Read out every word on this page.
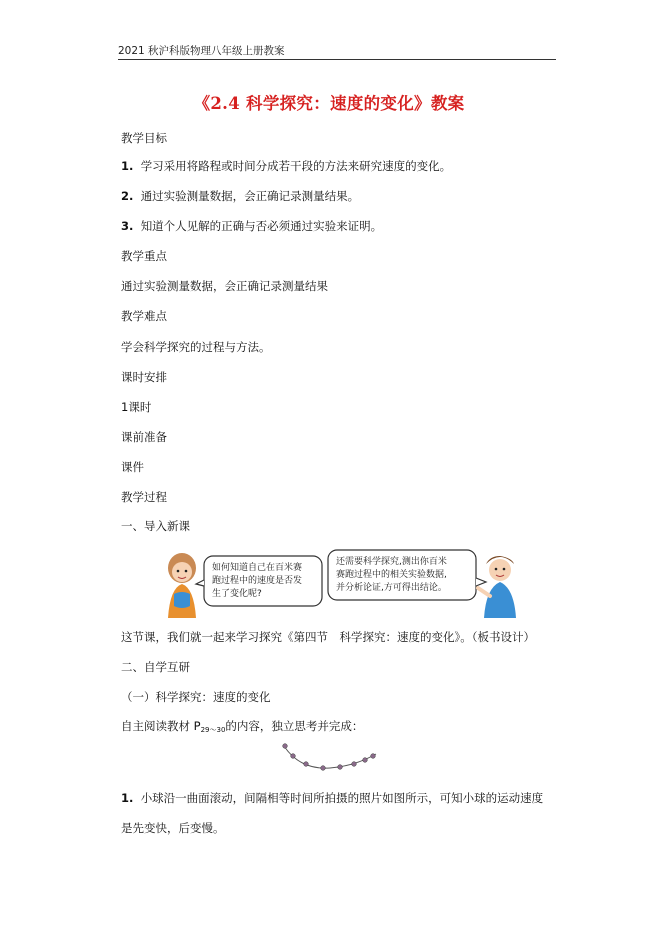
2021 秋沪科版物理八年级上册教案
《2.4 科学探究：速度的变化》教案
教学目标
1. 学习采用将路程或时间分成若干段的方法来研究速度的变化。
2. 通过实验测量数据，会正确记录测量结果。
3. 知道个人见解的正确与否必须通过实验来证明。
教学重点
通过实验测量数据，会正确记录测量结果
教学难点
学会科学探究的过程与方法。
课时安排
1课时
课前准备
课件
教学过程
一、导入新课
如何知道自己在百米赛
跑过程中的速度是否发
生了变化呢?
还需要科学探究,测出你百米
赛跑过程中的相关实验数据,
并分析论证,方可得出结论。
这节课，我们就一起来学习探究《第四节　科学探究：速度的变化》。（板书设计）
二、自学互研
（一）科学探究：速度的变化
自主阅读教材 $P_{29\sim 30}$的内容，独立思考并完成：
1. 小球沿一曲面滚动，间隔相等时间所拍摄的照片如图所示，可知小球的运动速度
是先变快，后变慢。
